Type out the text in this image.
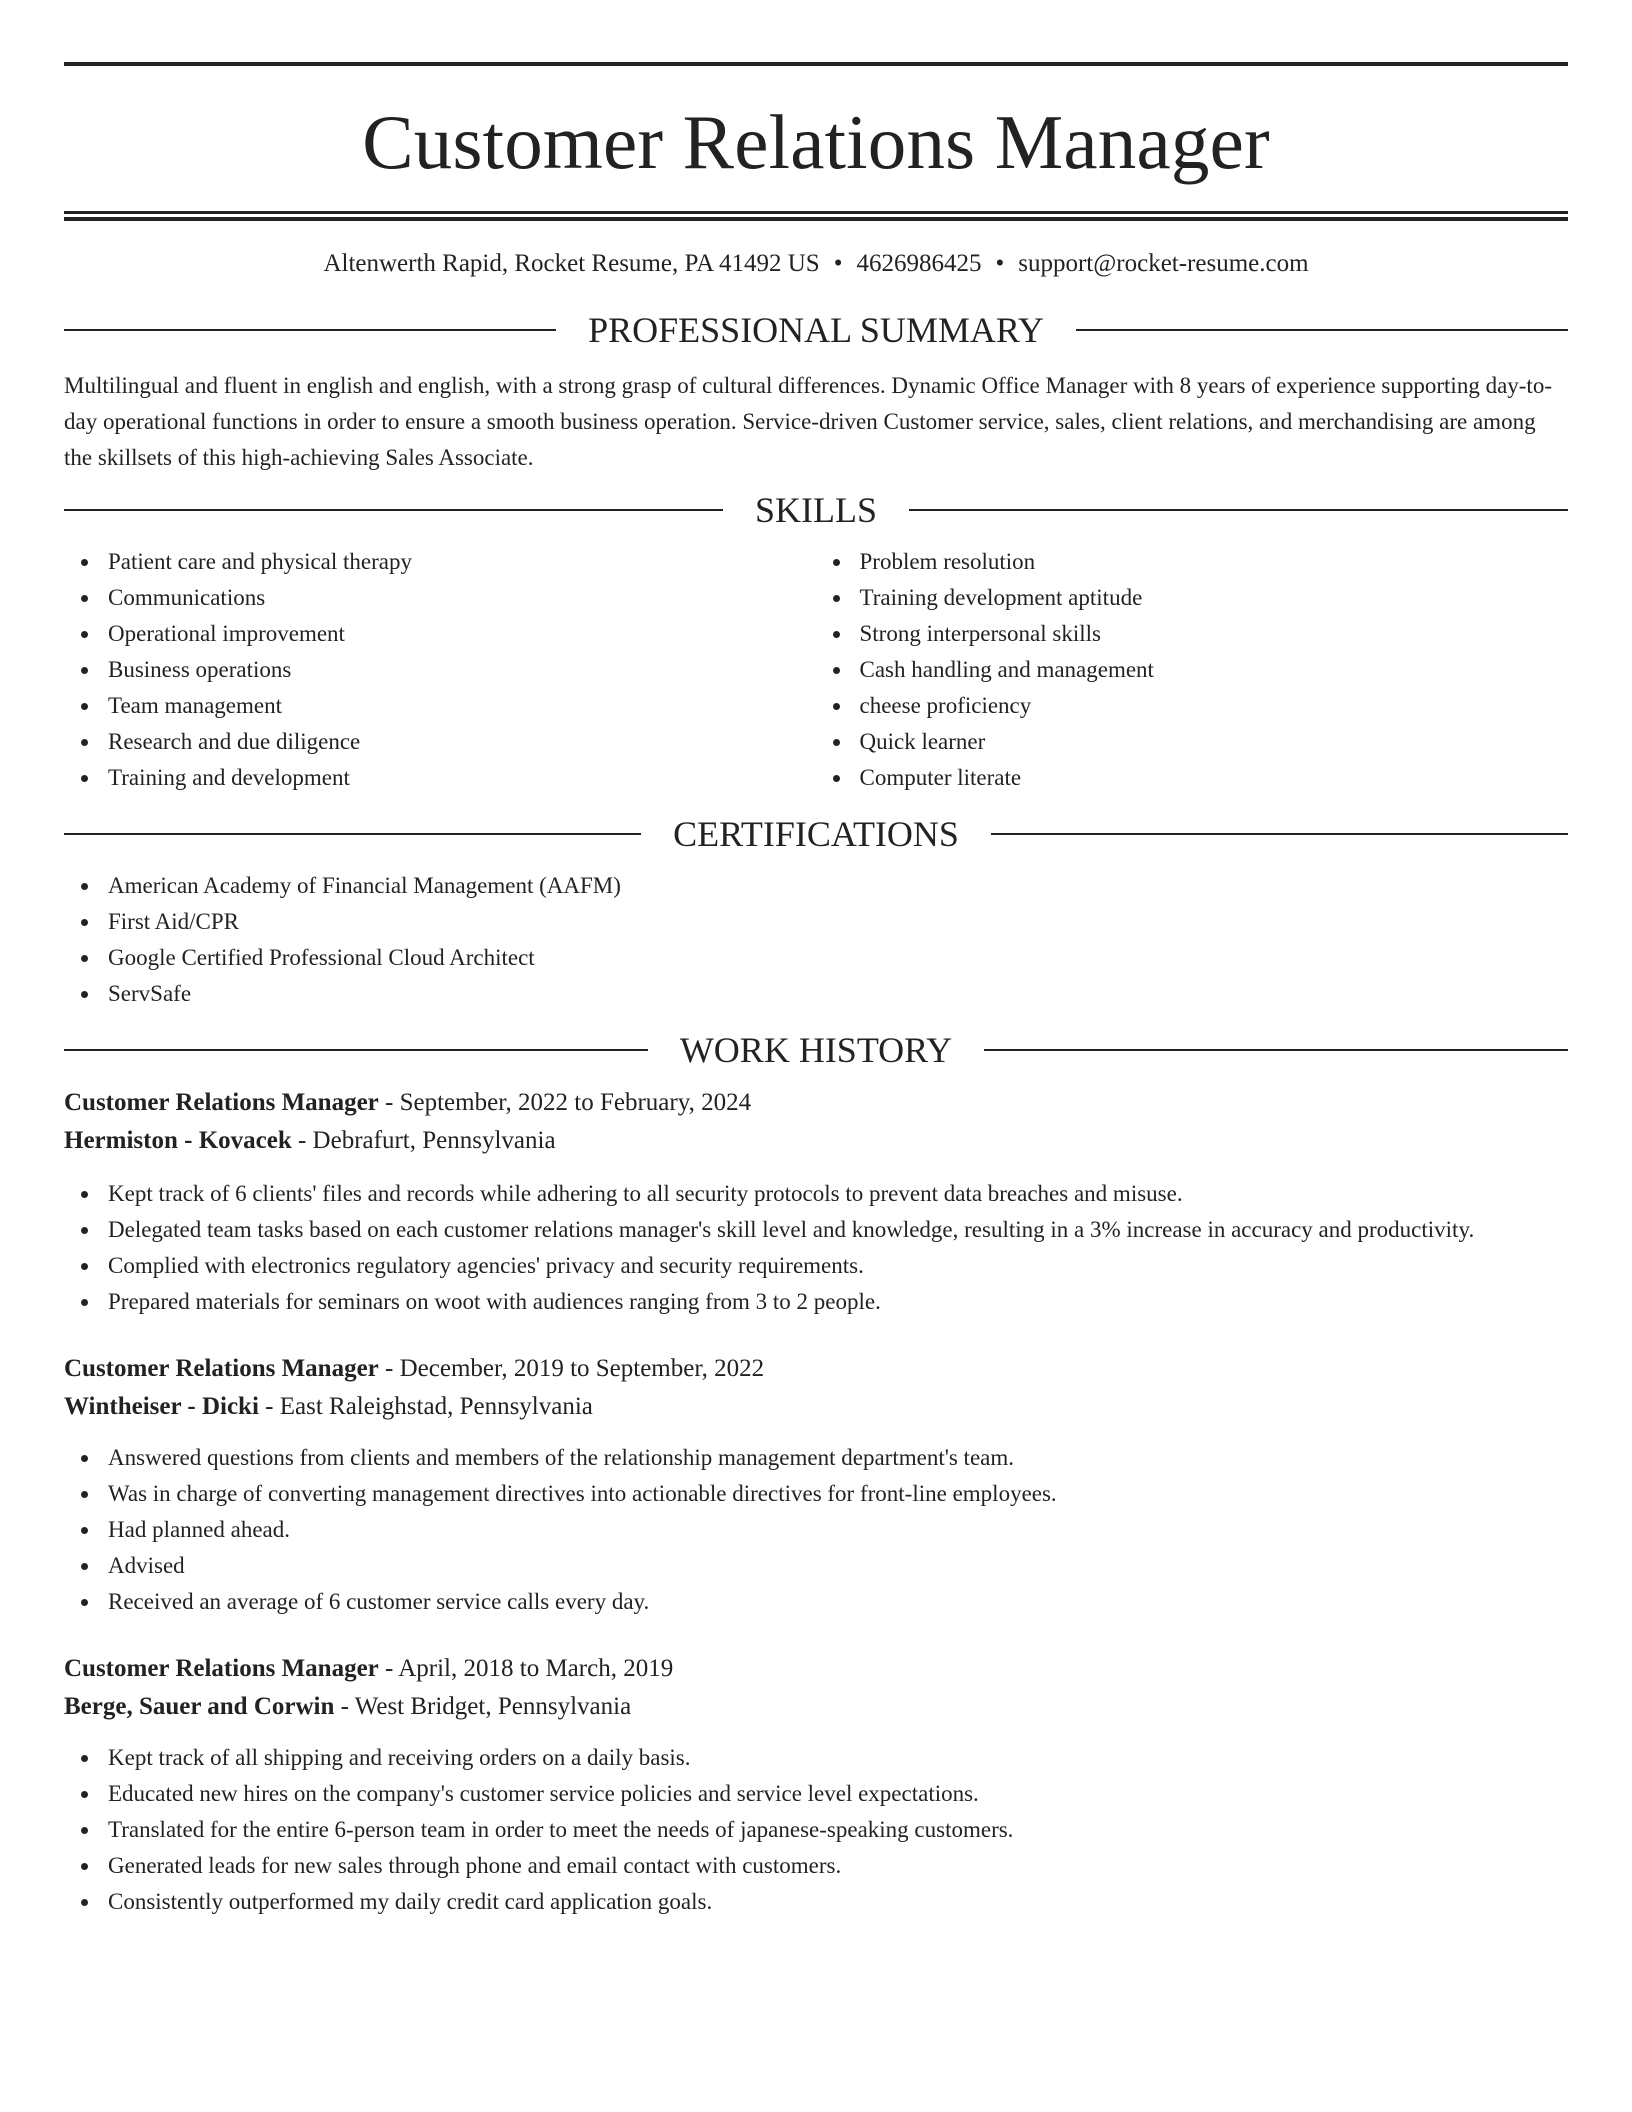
Customer Relations Manager
Altenwerth Rapid, Rocket Resume, PA 41492 US • 4626986425 • support@rocket-resume.com
PROFESSIONAL SUMMARY

Multilingual and fluent in english and english, with a strong grasp of cultural differences. Dynamic Office Manager with 8 years of experience supporting day-to-day operational functions in order to ensure a smooth business operation. Service-driven Customer service, sales, client relations, and merchandising are among the skillsets of this high-achieving Sales Associate.

SKILLS
Patient care and physical therapy
Communications
Operational improvement
Business operations
Team management
Research and due diligence
Training and development
Problem resolution
Training development aptitude
Strong interpersonal skills
Cash handling and management
cheese proficiency
Quick learner
Computer literate
CERTIFICATIONS
American Academy of Financial Management (AAFM)
First Aid/CPR
Google Certified Professional Cloud Architect
ServSafe
WORK HISTORY
Customer Relations Manager - September, 2022 to February, 2024
Hermiston - Kovacek - Debrafurt, Pennsylvania
Kept track of 6 clients' files and records while adhering to all security protocols to prevent data breaches and misuse.
Delegated team tasks based on each customer relations manager's skill level and knowledge, resulting in a 3% increase in accuracy and productivity.
Complied with electronics regulatory agencies' privacy and security requirements.
Prepared materials for seminars on woot with audiences ranging from 3 to 2 people.
Customer Relations Manager - December, 2019 to September, 2022
Wintheiser - Dicki - East Raleighstad, Pennsylvania
Answered questions from clients and members of the relationship management department's team.
Was in charge of converting management directives into actionable directives for front-line employees.
Had planned ahead.
Advised
Received an average of 6 customer service calls every day.
Customer Relations Manager - April, 2018 to March, 2019
Berge, Sauer and Corwin - West Bridget, Pennsylvania
Kept track of all shipping and receiving orders on a daily basis.
Educated new hires on the company's customer service policies and service level expectations.
Translated for the entire 6-person team in order to meet the needs of japanese-speaking customers.
Generated leads for new sales through phone and email contact with customers.
Consistently outperformed my daily credit card application goals.
